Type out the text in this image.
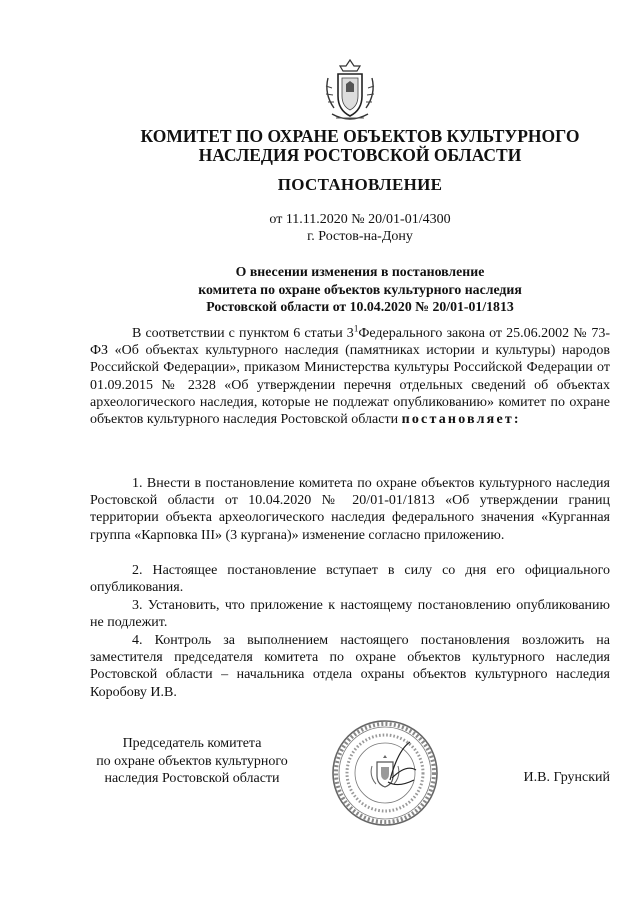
КОМИТЕТ ПО ОХРАНЕ ОБЪЕКТОВ КУЛЬТУРНОГО
НАСЛЕДИЯ РОСТОВСКОЙ ОБЛАСТИ
ПОСТАНОВЛЕНИЕ
от 11.11.2020 № 20/01-01/4300
г. Ростов-на-Дону
О внесении изменения в постановление
комитета по охране объектов культурного наследия
Ростовской области от 10.04.2020 № 20/01-01/1813
В соответствии с пунктом 6 статьи $3^1Федерального$ закона от 25.06.2002 № 73-ФЗ «Об объектах культурного наследия (памятниках истории и культуры) народов Российской Федерации», приказом Министерства культуры Российской Федерации от 01.09.2015 № 2328 «Об утверждении перечня отдельных сведений об объектах археологического наследия, которые не подлежат опубликованию» комитет по охране объектов культурного наследия Ростовской области постановляет:
1. Внести в постановление комитета по охране объектов культурного наследия Ростовской области от 10.04.2020 № 20/01-01/1813 «Об утверждении границ территории объекта археологического наследия федерального значения «Курганная группа «Карповка III» (3 кургана)» изменение согласно приложению.
2. Настоящее постановление вступает в силу со дня его официального опубликования.
3. Установить, что приложение к настоящему постановлению опубликованию не подлежит.
4. Контроль за выполнением настоящего постановления возложить на заместителя председателя комитета по охране объектов культурного наследия Ростовской области – начальника отдела охраны объектов культурного наследия Коробову И.В.
Председатель комитета
по охране объектов культурного
наследия Ростовской области	И.В. Грунский
